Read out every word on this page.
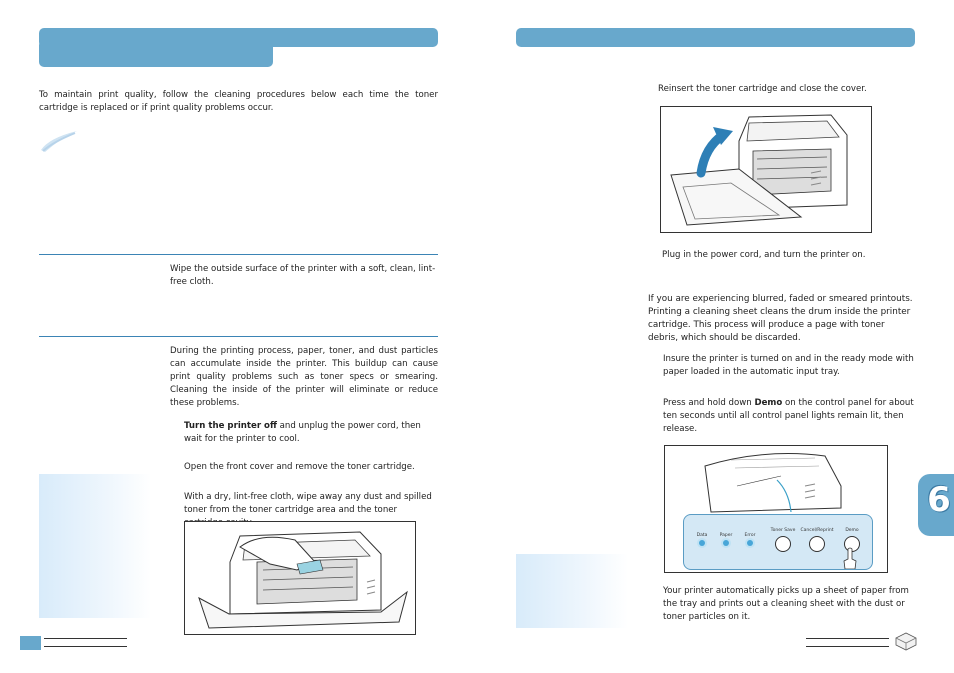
To maintain print quality, follow the cleaning procedures below each time the toner cartridge is replaced or if print quality problems occur.
Wipe the outside surface of the printer with a soft, clean, lint-free cloth.
During the printing process, paper, toner, and dust particles can accumulate inside the printer. This buildup can cause print quality problems such as toner specs or smearing. Cleaning the inside of the printer will eliminate or reduce these problems.
Turn the printer off and unplug the power cord, then wait for the printer to cool.
Open the front cover and remove the toner cartridge.
With a dry, lint-free cloth, wipe away any dust and spilled toner from the toner cartridge area and the toner
Reinsert the toner cartridge and close the cover.
Plug in the power cord, and turn the printer on.
If you are experiencing blurred, faded or smeared printouts. Printing a cleaning sheet cleans the drum inside the printer cartridge. This process will produce a page with toner debris, which should be discarded.
Insure the printer is turned on and in the ready mode with paper loaded in the automatic input tray.
Press and hold down Demo on the control panel for about ten seconds until all control panel lights remain lit, then release.
Data	Paper	Error
Toner Save	Cancel/Reprint	Demo
Your printer automatically picks up a sheet of paper from the tray and prints out a cleaning sheet with the dust or toner particles on it.
6
